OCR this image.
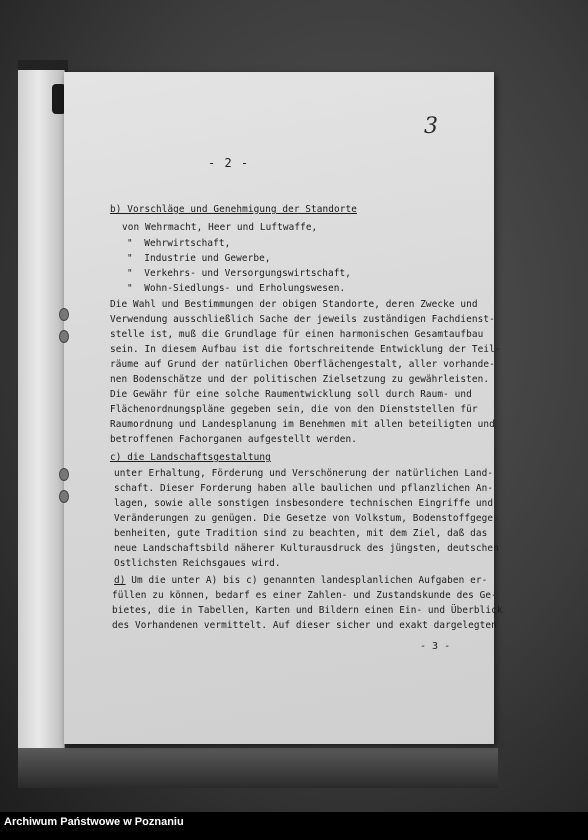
3
- 2 -
b) Vorschläge und Genehmigung der Standorte
von Wehrmacht, Heer und Luftwaffe,
"  Wehrwirtschaft,
"  Industrie und Gewerbe,
"  Verkehrs- und Versorgungswirtschaft,
"  Wohn-Siedlungs- und Erholungswesen.
Die Wahl und Bestimmungen der obigen Standorte, deren Zwecke und
Verwendung ausschließlich Sache der jeweils zuständigen Fachdienst-
stelle ist, muß die Grundlage für einen harmonischen Gesamtaufbau
sein. In diesem Aufbau ist die fortschreitende Entwicklung der Teil-
räume auf Grund der natürlichen Oberflächengestalt, aller vorhande-
nen Bodenschätze und der politischen Zielsetzung zu gewährleisten.
Die Gewähr für eine solche Raumentwicklung soll durch Raum- und
Flächenordnungspläne gegeben sein, die von den Dienststellen für
Raumordnung und Landesplanung im Benehmen mit allen beteiligten und
betroffenen Fachorganen aufgestellt werden.
c) die Landschaftsgestaltung
unter Erhaltung, Förderung und Verschönerung der natürlichen Land-
schaft. Dieser Forderung haben alle baulichen und pflanzlichen An-
lagen, sowie alle sonstigen insbesondere technischen Eingriffe und
Veränderungen zu genügen. Die Gesetze von Volkstum, Bodenstoffgege-
benheiten, gute Tradition sind zu beachten, mit dem Ziel, daß das
neue Landschaftsbild näherer Kulturausdruck des jüngsten, deutschen
Ostlichsten Reichsgaues wird.
d) Um die unter A) bis c) genannten landesplanlichen Aufgaben er-
füllen zu können, bedarf es einer Zahlen- und Zustandskunde des Ge-
bietes, die in Tabellen, Karten und Bildern einen Ein- und Überblick
des Vorhandenen vermittelt. Auf dieser sicher und exakt dargelegten
- 3 -
Archiwum Państwowe w Poznaniu
